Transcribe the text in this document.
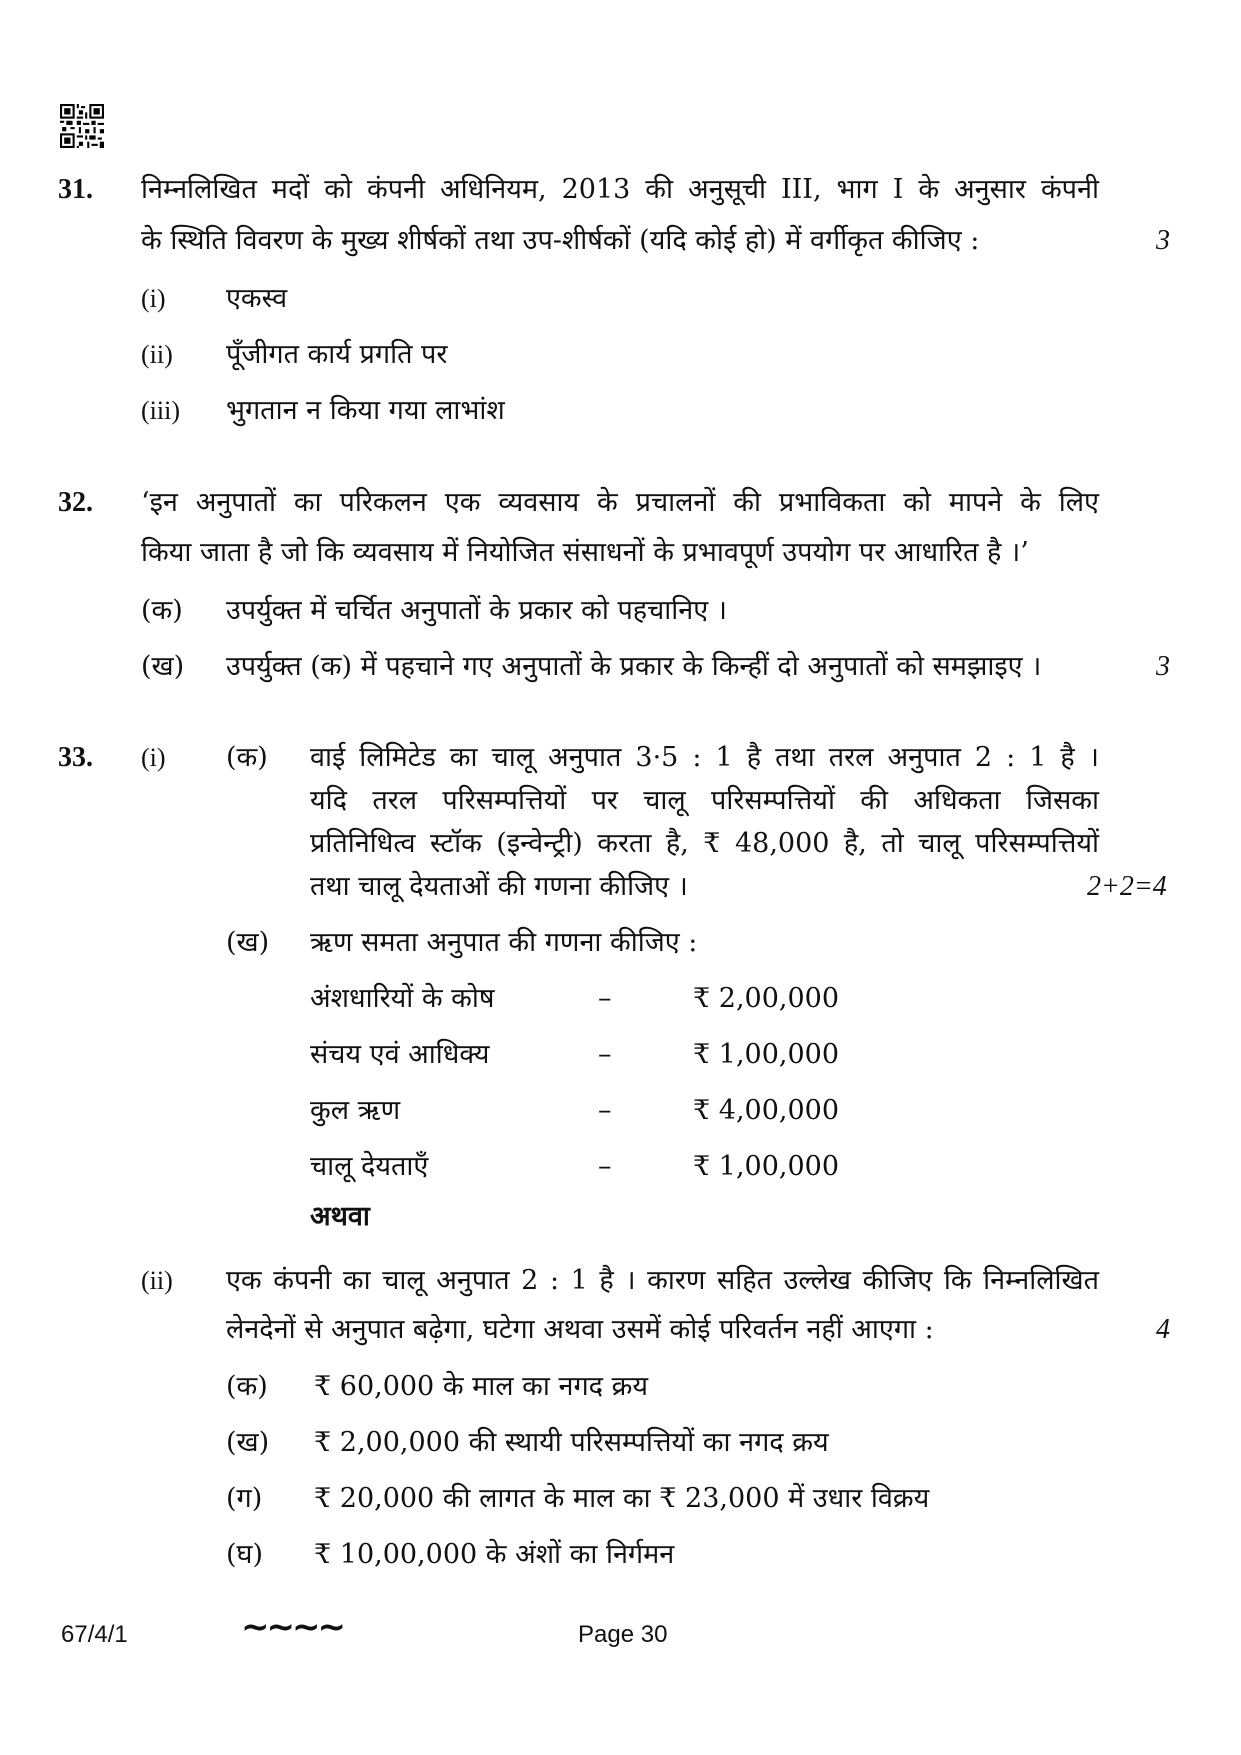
31. निम्नलिखित मदों को कंपनी अधिनियम, 2013 की अनुसूची III, भाग I के अनुसार कंपनी
के स्थिति विवरण के मुख्य शीर्षकों तथा उप-शीर्षकों (यदि कोई हो) में वर्गीकृत कीजिए :	3
(i) एकस्व
(ii) पूँजीगत कार्य प्रगति पर
(iii) भुगतान न किया गया लाभांश
32. ‘इन अनुपातों का परिकलन एक व्यवसाय के प्रचालनों की प्रभाविकता को मापने के लिए
किया जाता है जो कि व्यवसाय में नियोजित संसाधनों के प्रभावपूर्ण उपयोग पर आधारित है ।’
(क) उपर्युक्त में चर्चित अनुपातों के प्रकार को पहचानिए ।
(ख) उपर्युक्त (क) में पहचाने गए अनुपातों के प्रकार के किन्हीं दो अनुपातों को समझाइए ।	3
33. (i) (क) वाई लिमिटेड का चालू अनुपात 3·5 : 1 है तथा तरल अनुपात 2 : 1 है ।
यदि तरल परिसम्पत्तियों पर चालू परिसम्पत्तियों की अधिकता जिसका
प्रतिनिधित्व स्टॉक (इन्वेन्ट्री) करता है, ₹ 48,000 है, तो चालू परिसम्पत्तियों
तथा चालू देयताओं की गणना कीजिए ।	2+2=4
(ख) ऋण समता अनुपात की गणना कीजिए :
अंशधारियों के कोष	–	₹ 2,00,000
संचय एवं आधिक्य	–	₹ 1,00,000
कुल ऋण	–	₹ 4,00,000
चालू देयताएँ	–	₹ 1,00,000
अथवा
(ii) एक कंपनी का चालू अनुपात 2 : 1 है । कारण सहित उल्लेख कीजिए कि निम्नलिखित
लेनदेनों से अनुपात बढ़ेगा, घटेगा अथवा उसमें कोई परिवर्तन नहीं आएगा :	4
(क) ₹ 60,000 के माल का नगद क्रय
(ख) ₹ 2,00,000 की स्थायी परिसम्पत्तियों का नगद क्रय
(ग) ₹ 20,000 की लागत के माल का ₹ 23,000 में उधार विक्रय
(घ) ₹ 10,00,000 के अंशों का निर्गमन
67/4/1	~~~~	Page 30
